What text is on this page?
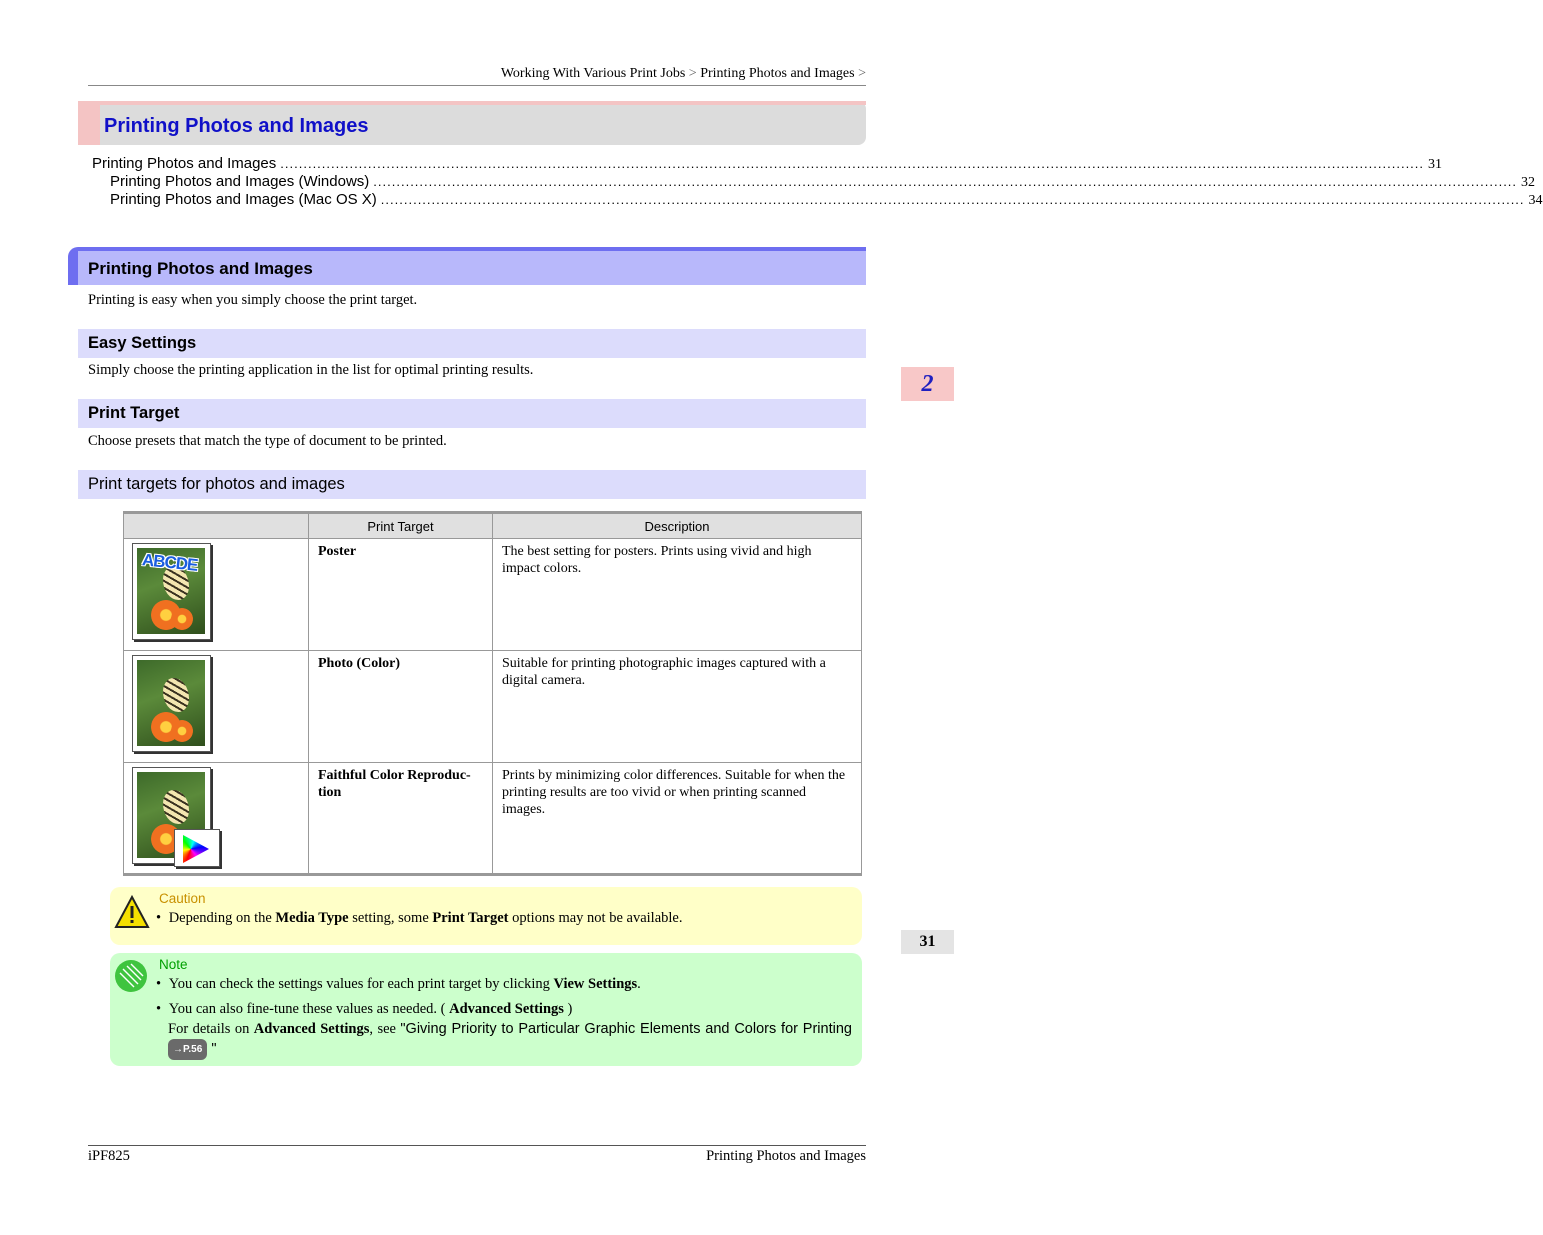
Working With Various Print Jobs > Printing Photos and Images >
Printing Photos and Images
Printing Photos and Images ........................................................................................................................................................................................................................................................ 31
Printing Photos and Images (Windows) ........................................................................................................................................................................................................................................................ 32
Printing Photos and Images (Mac OS X) ........................................................................................................................................................................................................................................................ 34
Printing Photos and Images
Printing is easy when you simply choose the print target.
Easy Settings
Simply choose the printing application in the list for optimal printing results.
Print Target
Choose presets that match the type of document to be printed.
Print targets for photos and images
	Print Target	Description

ABCDE	Poster	The best setting for posters. Prints using vivid and high impact colors.

	Photo (Color)	Suitable for printing photographic images captured with a digital camera.

	Faithful Color Reproduc-tion	Prints by minimizing color differences. Suitable for when the printing results are too vivid or when printing scanned images.
Caution
• Depending on the Media Type setting, some Print Target options may not be available.
Note
• You can check the settings values for each print target by clicking View Settings.
• You can also fine-tune these values as needed. ( Advanced Settings )
For details on Advanced Settings, see "Giving Priority to Particular Graphic Elements and Colors for Printing →P.56 "
2
31
iPF825	Printing Photos and Images
